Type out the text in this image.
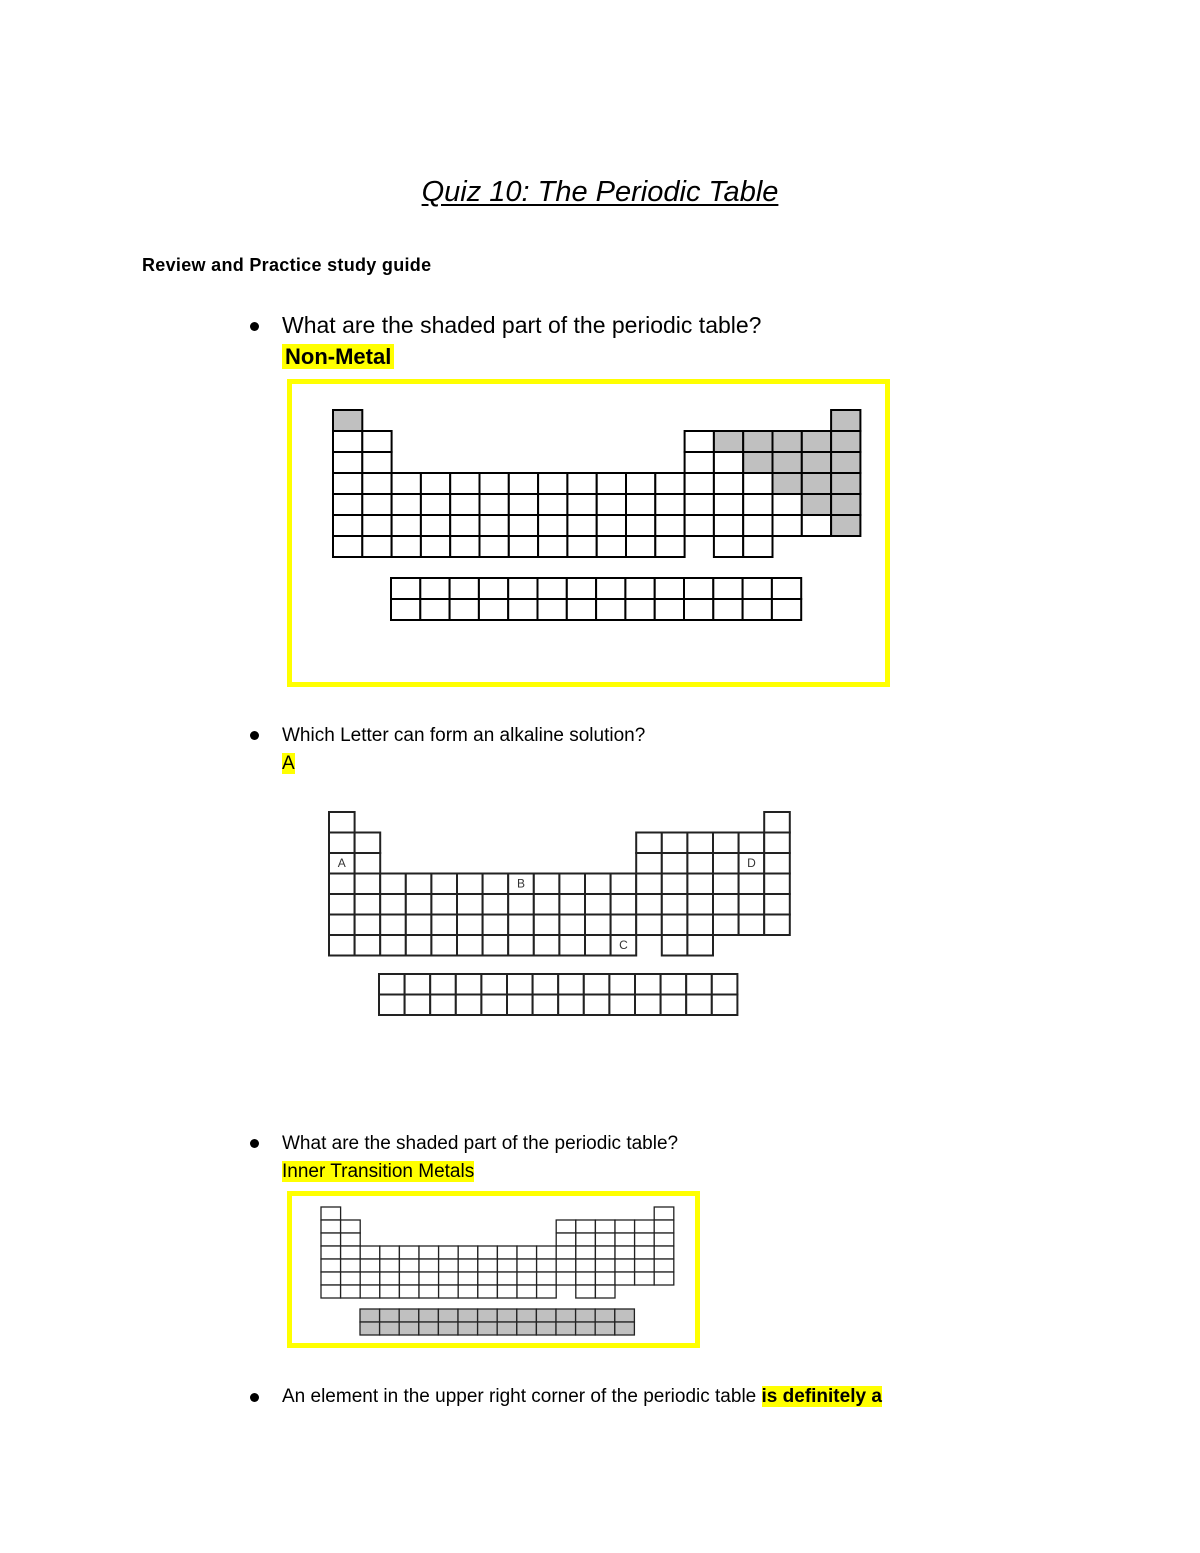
Quiz 10: The Periodic Table

Review and Practice study guide

What are the shaded part of the periodic table?
Non-Metal
Which Letter can form an alkaline solution?
A
A
B
C
D
What are the shaded part of the periodic table?
Inner Transition Metals
An element in the upper right corner of the periodic table is definitely a
